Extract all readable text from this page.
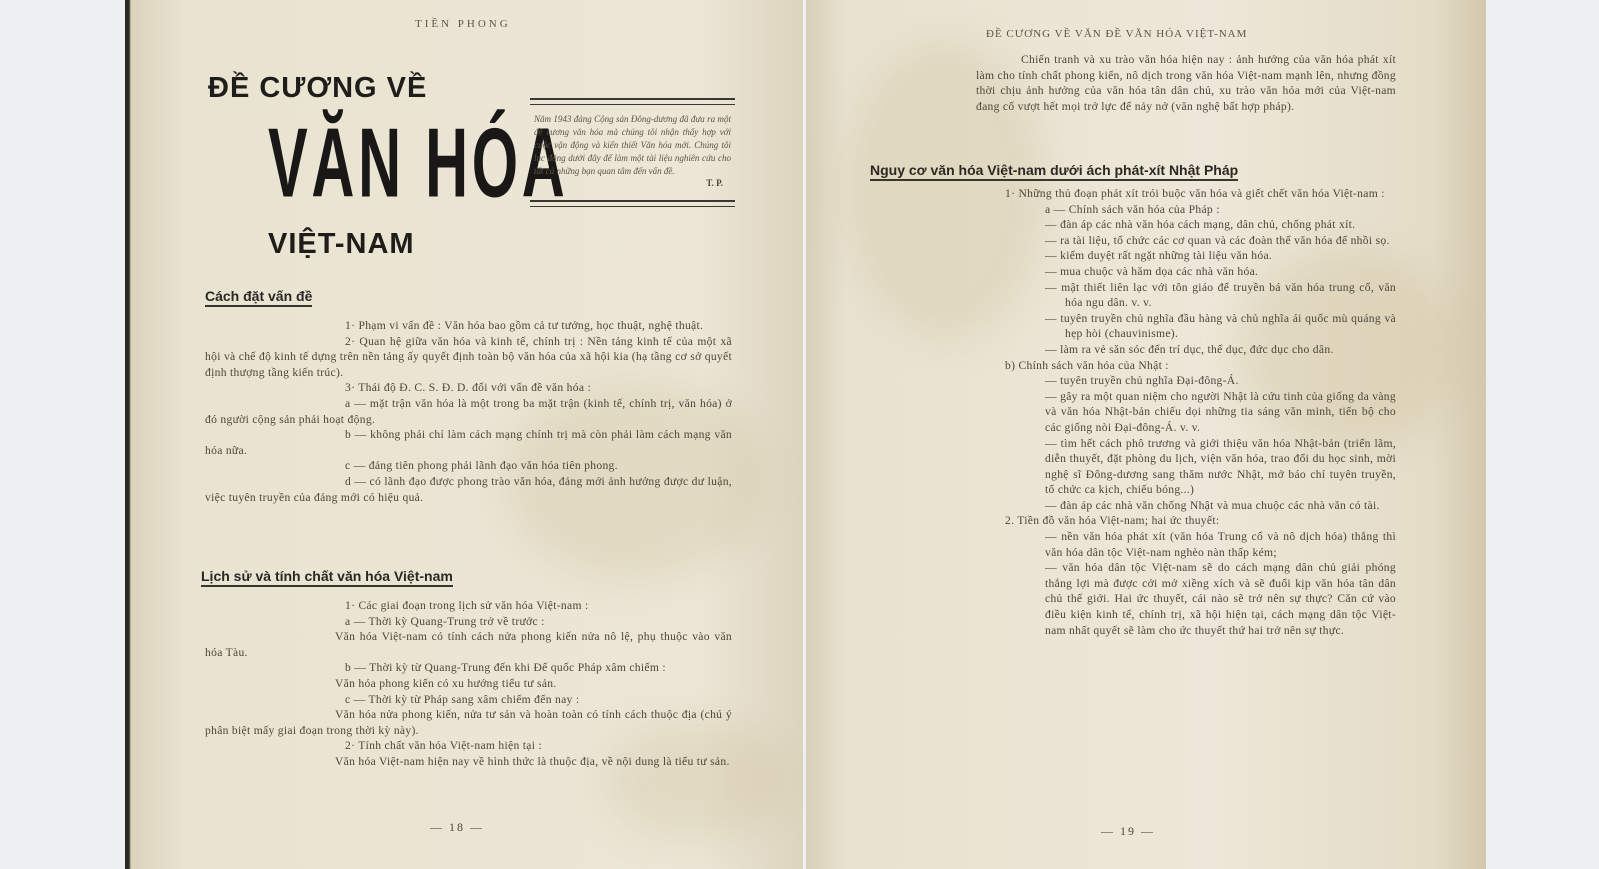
TIỀN PHONG
ĐỀ CƯƠNG VỀ
VĂN HÓA
VIỆT-NAM
Năm 1943 đảng Cộng sản Đông-dương đã đưa ra một đề cương văn hóa mà chúng tôi nhận thấy hợp với cuộc vận động và kiến thiết Văn hóa mới. Chúng tôi lục đăng dưới đây để làm một tài liệu nghiên cứu cho tất cả những bạn quan tâm đến vấn đề.
T. P.
Cách đặt vấn đề

1· Phạm vi vấn đề : Văn hóa bao gồm cả tư tưởng, học thuật, nghệ thuật.

2· Quan hệ giữa văn hóa và kinh tế, chính trị : Nền tảng kinh tế của một xã hội và chế độ kinh tế dựng trên nền tảng ấy quyết định toàn bộ văn hóa của xã hội kia (hạ tầng cơ sở quyết định thượng tầng kiến trúc).

3· Thái độ Đ. C. S. Đ. D. đối với vấn đề văn hóa :

a — mặt trận văn hóa là một trong ba mặt trận (kinh tế, chính trị, văn hóa) ở đó người cộng sản phải hoạt động.

b — không phải chỉ làm cách mạng chính trị mà còn phải làm cách mạng văn hóa nữa.

c — đảng tiên phong phải lãnh đạo văn hóa tiên phong.

d — có lãnh đạo được phong trào văn hóa, đảng mới ảnh hưởng được dư luận, việc tuyên truyền của đảng mới có hiệu quả.

Lịch sử và tính chất văn hóa Việt-nam

1· Các giai đoạn trong lịch sử văn hóa Việt-nam :

a — Thời kỳ Quang-Trung trở về trước :

Văn hóa Việt-nam có tính cách nửa phong kiến nửa nô lệ, phụ thuộc vào văn hóa Tàu.

b — Thời kỳ từ Quang-Trung đến khi Đế quốc Pháp xâm chiếm :

Văn hóa phong kiến có xu hướng tiểu tư sản.

c — Thời kỳ từ Pháp sang xâm chiếm đến nay :

Văn hóa nửa phong kiến, nửa tư sản và hoàn toàn có tính cách thuộc địa (chú ý phân biệt mấy giai đoạn trong thời kỳ này).

2· Tính chất văn hóa Việt-nam hiện tại :

Văn hóa Việt-nam hiện nay về hình thức là thuộc địa, về nội dung là tiểu tư sản.

— 18 —
ĐỀ CƯƠNG VỀ VĂN ĐỀ VĂN HÓA VIỆT-NAM
Chiến tranh và xu trào văn hóa hiện nay : ảnh hưởng của văn hóa phát xít làm cho tính chất phong kiến, nô dịch trong văn hóa Việt-nam mạnh lên, nhưng đồng thời chịu ảnh hưởng của văn hóa tân dân chủ, xu trào văn hóa mới của Việt-nam đang cố vượt hết mọi trở lực để nảy nở (văn nghệ bất hợp pháp).
Nguy cơ văn hóa Việt-nam dưới ách phát-xít Nhật Pháp

1· Những thủ đoạn phát xít trói buộc văn hóa và giết chết văn hóa Việt-nam :

a — Chính sách văn hóa của Pháp :

— đàn áp các nhà văn hóa cách mạng, dân chủ, chống phát xít.

— ra tài liệu, tổ chức các cơ quan và các đoàn thể văn hóa để nhồi sọ.

— kiểm duyệt rất ngặt những tài liệu văn hóa.

— mua chuộc và hăm dọa các nhà văn hóa.

— mật thiết liên lạc với tôn giáo để truyền bá văn hóa trung cổ, văn hóa ngu dân. v. v.

— tuyên truyền chủ nghĩa đầu hàng và chủ nghĩa ái quốc mù quáng và hẹp hòi (chauvinisme).

— làm ra vẻ săn sóc đến trí dục, thể dục, đức dục cho dân.

b) Chính sách văn hóa của Nhật :

— tuyên truyền chủ nghĩa Đại-đông-Á.

— gây ra một quan niệm cho người Nhật là cứu tinh của giống da vàng và văn hóa Nhật-bản chiếu dọi những tia sáng văn minh, tiến bộ cho các giống nòi Đại-đông-Á. v. v.

— tìm hết cách phô trương và giới thiệu văn hóa Nhật-bản (triển lãm, diễn thuyết, đặt phòng du lịch, viện văn hóa, trao đổi du học sinh, mời nghệ sĩ Đông-dương sang thăm nước Nhật, mở báo chí tuyên truyền, tổ chức ca kịch, chiếu bóng...)

— đàn áp các nhà văn chống Nhật và mua chuộc các nhà văn có tài.

2. Tiền đồ văn hóa Việt-nam; hai ức thuyết:

— nền văn hóa phát xít (văn hóa Trung cổ và nô dịch hóa) thắng thì văn hóa dân tộc Việt-nam nghèo nàn thấp kém;

— văn hóa dân tộc Việt-nam sẽ do cách mạng dân chủ giải phóng thắng lợi mà được cởi mở xiềng xích và sẽ đuổi kịp văn hóa tân dân chủ thế giới. Hai ức thuyết, cái nào sẽ trở nên sự thực? Căn cứ vào điều kiện kinh tế, chính trị, xã hội hiện tại, cách mạng dân tộc Việt-nam nhất quyết sẽ làm cho ức thuyết thứ hai trở nên sự thực.

— 19 —
